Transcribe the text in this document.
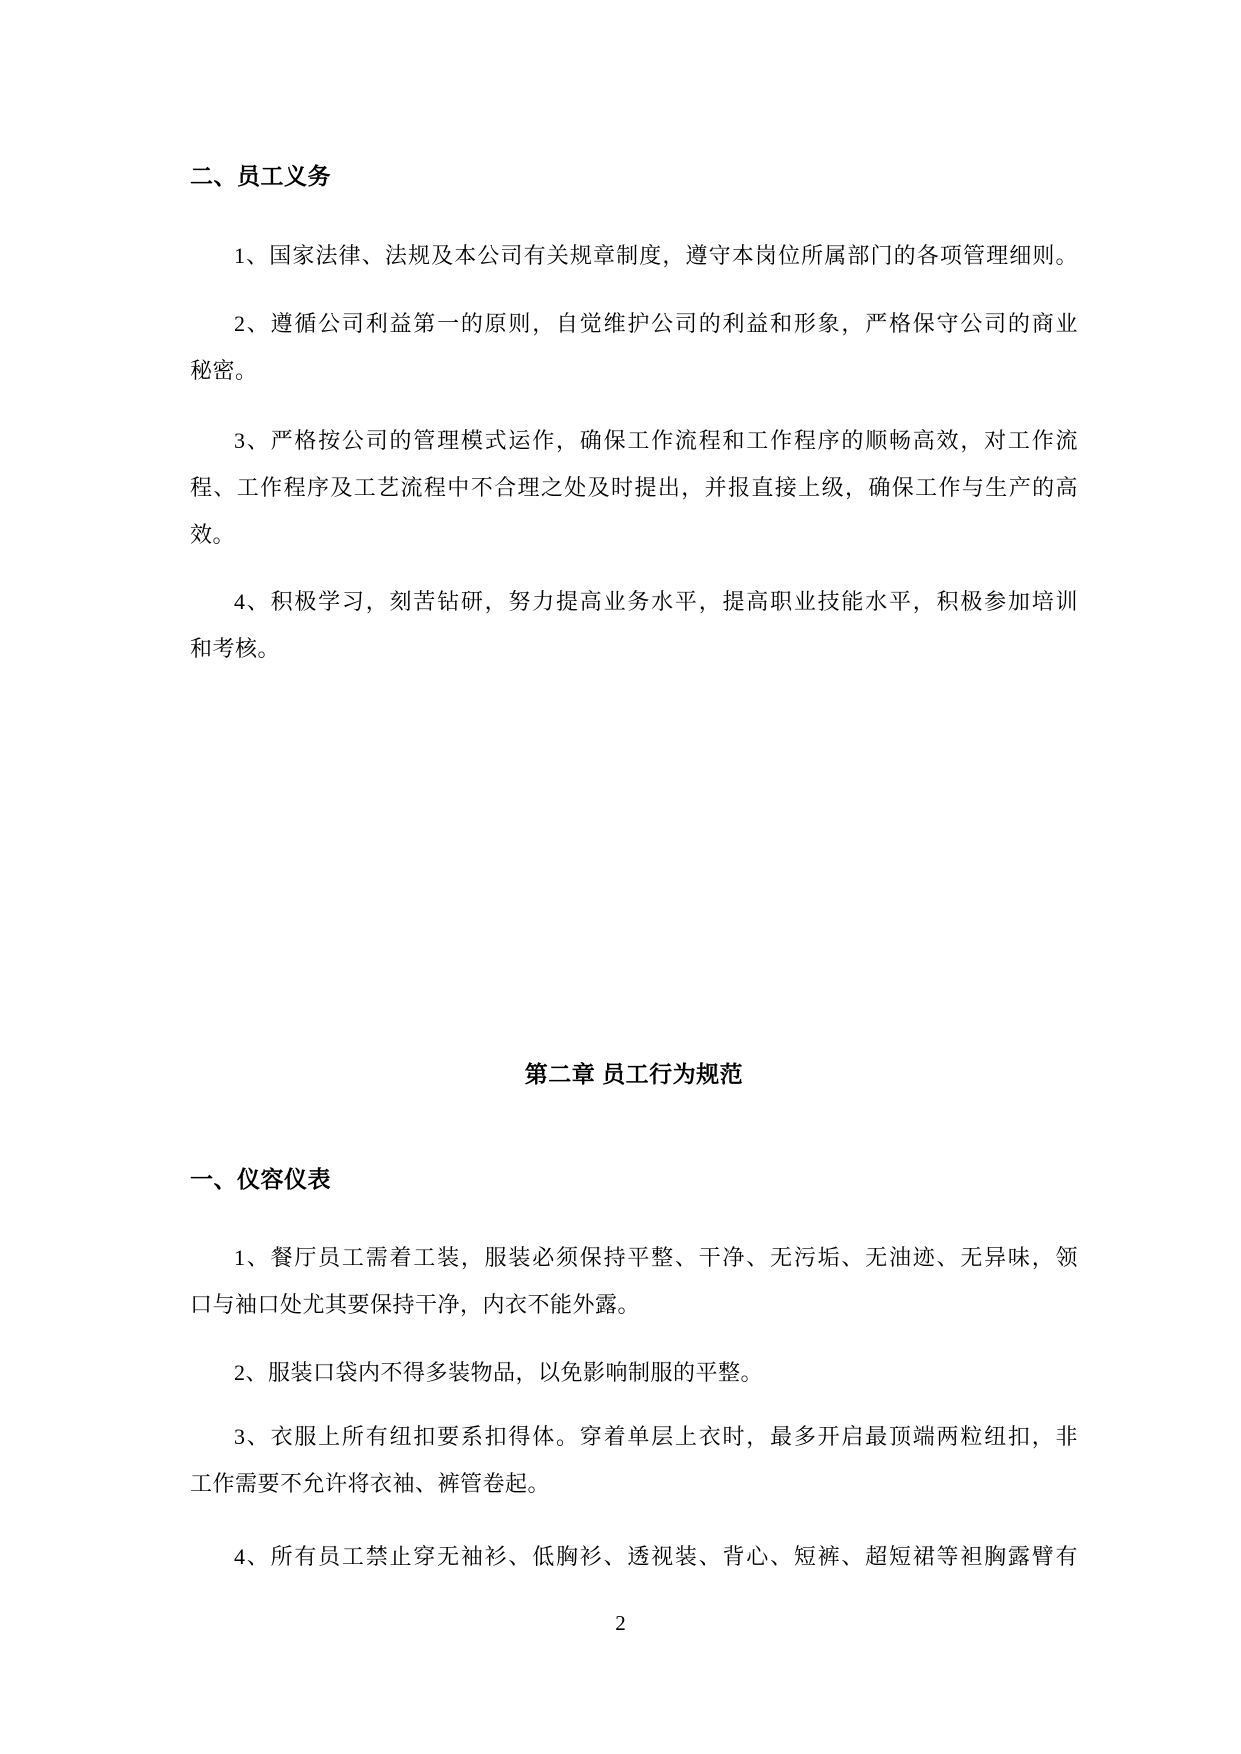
二、员工义务
1、国家法律、法规及本公司有关规章制度，遵守本岗位所属部门的各项管理细则。
2、遵循公司利益第一的原则，自觉维护公司的利益和形象，严格保守公司的商业
秘密。
3、严格按公司的管理模式运作，确保工作流程和工作程序的顺畅高效，对工作流
程、工作程序及工艺流程中不合理之处及时提出，并报直接上级，确保工作与生产的高
效。
4、积极学习，刻苦钻研，努力提高业务水平，提高职业技能水平，积极参加培训
和考核。
第二章 员工行为规范
一、仪容仪表
1、餐厅员工需着工装，服装必须保持平整、干净、无污垢、无油迹、无异味，领
口与袖口处尤其要保持干净，内衣不能外露。
2、服装口袋内不得多装物品，以免影响制服的平整。
3、衣服上所有纽扣要系扣得体。穿着单层上衣时，最多开启最顶端两粒纽扣，非
工作需要不允许将衣袖、裤管卷起。
4、所有员工禁止穿无袖衫、低胸衫、透视装、背心、短裤、超短裙等袒胸露臂有
2
